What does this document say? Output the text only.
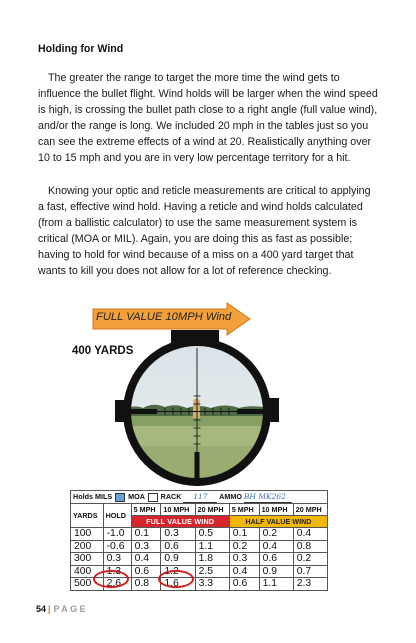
Holding for Wind

The greater the range to target the more time the wind gets to influence the bullet flight. Wind holds will be larger when the wind speed is high, is crossing the bullet path close to a right angle (full value wind), and/or the range is long. We included 20 mph in the tables just so you can see the extreme effects of a wind at 20. Realistically anything over 10 to 15 mph and you are in very low percentage territory for a hit.

Knowing your optic and reticle measurements are critical to applying a fast, effective wind hold. Having a reticle and wind holds calculated (from a ballistic calculator) to use the same measurement system is critical (MOA or MIL). Again, you are doing this as fast as possible; having to hold for wind because of a miss on a 400 yard target that wants to kill you does not allow for a lot of reference checking.

FULL VALUE 10MPH Wind
400 YARDS
Holds MILS MOA RACK 117 AMMO BH MK262							
YARDS	HOLD	5 MPH	10 MPH	20 MPH	5 MPH	10 MPH	20 MPH
		FULL VALUE WIND			HALF VALUE WIND		
100	-1.0	0.1	0.3	0.5	0.1	0.2	0.4
200	-0.6	0.3	0.6	1.1	0.2	0.4	0.8
300	0.3	0.4	0.9	1.8	0.3	0.6	0.2
400	1.3	0.6	1.2	2.5	0.4	0.9	0.7
500	2.6	0.8	1.6	3.3	0.6	1.1	2.3
54 | PAGE
